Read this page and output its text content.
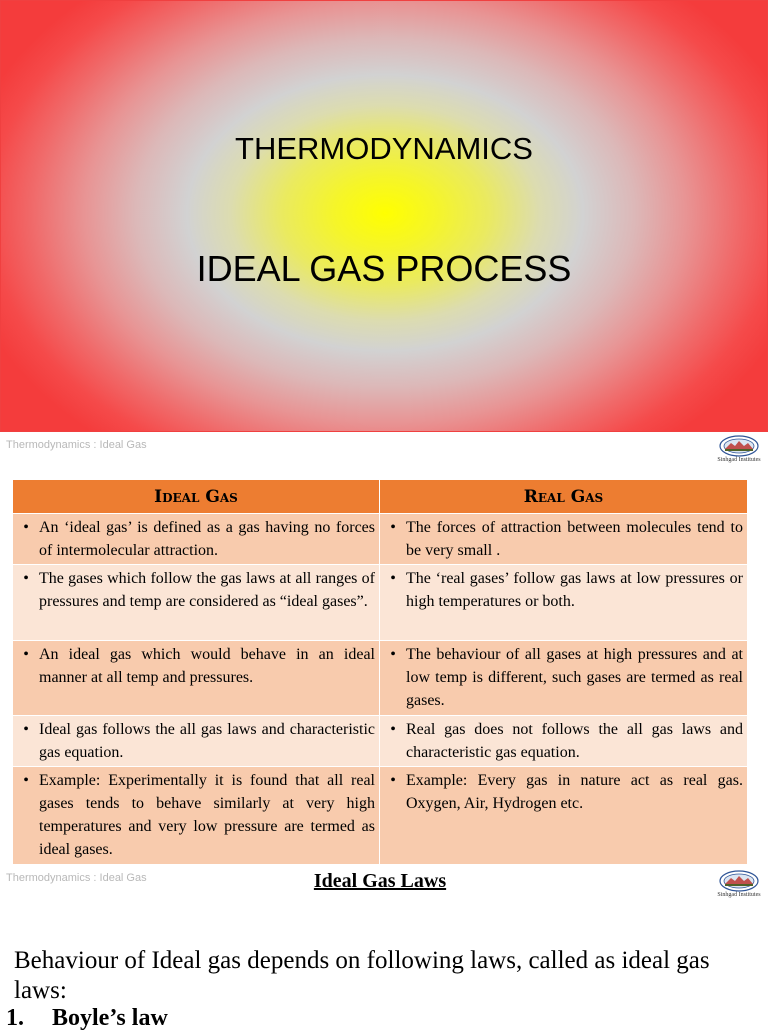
THERMODYNAMICS
IDEAL GAS PROCESS
Thermodynamics : Ideal Gas
Sinhgad Institutes
Ideal Gas	Real Gas

• An ‘ideal gas’ is defined as a gas having no forces of intermolecular attraction.	• The forces of attraction between molecules tend to be very small .

• The gases which follow the gas laws at all ranges of pressures and temp are considered as “ideal gases”.	• The ‘real gases’ follow gas laws at low pressures or high temperatures or both.

• An ideal gas which would behave in an ideal manner at all temp and pressures.	• The behaviour of all gases at high pressures and at low temp is different, such gases are termed as real gases.

• Ideal gas follows the all gas laws and characteristic gas equation.	• Real gas does not follows the all gas laws and characteristic gas equation.

• Example: Experimentally it is found that all real gases tends to behave similarly at very high temperatures and very low pressure are termed as ideal gases.	• Example: Every gas in nature act as real gas. Oxygen, Air, Hydrogen etc.
Thermodynamics : Ideal Gas	Ideal Gas Laws
Sinhgad Institutes
Behaviour of Ideal gas depends on following laws, called as ideal gas laws:
1. Boyle’s law
